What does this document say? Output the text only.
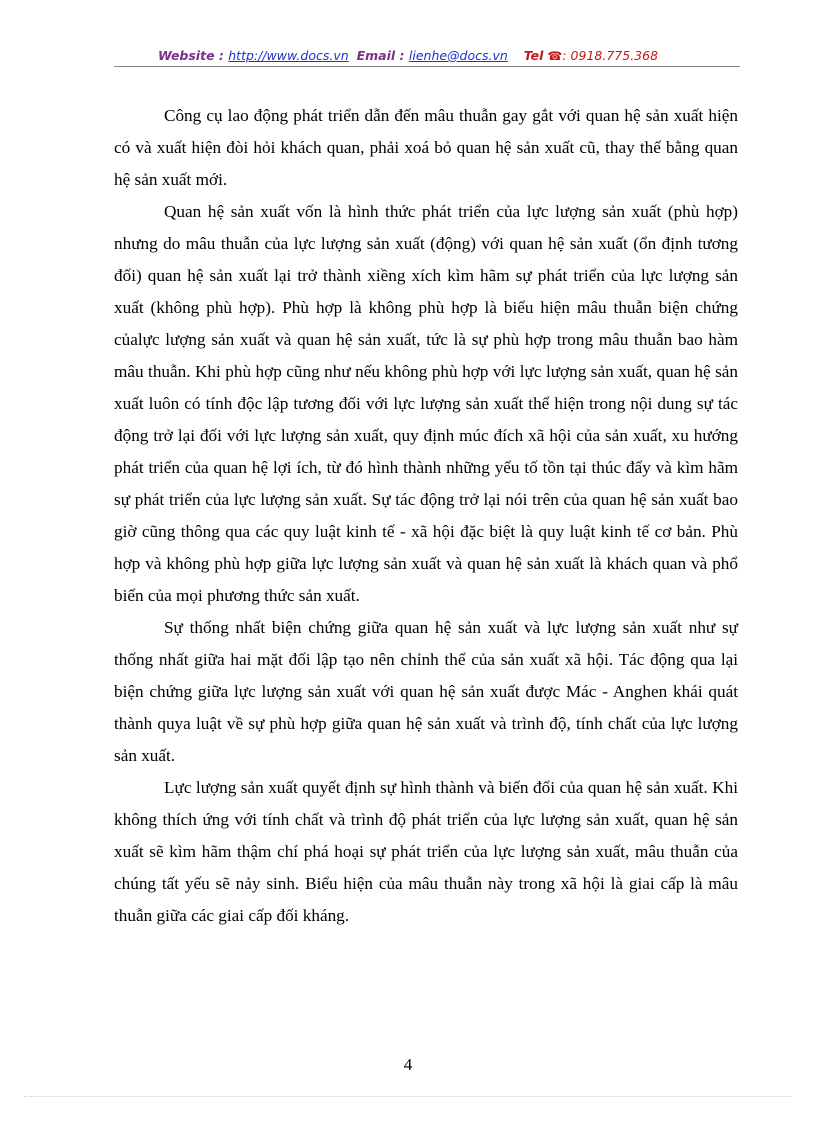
Website : http://www.docs.vn Email : lienhe@docs.vn Tel ☎: 0918.775.368

Công cụ lao động phát triển dẫn đến mâu thuẫn gay gắt với quan hệ sản xuất hiện có và xuất hiện đòi hỏi khách quan, phải xoá bỏ quan hệ sản xuất cũ, thay thế bằng quan hệ sản xuất mới.

Quan hệ sản xuất vốn là hình thức phát triển của lực lượng sản xuất (phù hợp) nhưng do mâu thuẫn của lực lượng sản xuất (động) với quan hệ sản xuất (ổn định tương đối) quan hệ sản xuất lại trở thành xiềng xích kìm hãm sự phát triển của lực lượng sản xuất (không phù hợp). Phù hợp là không phù hợp là biểu hiện mâu thuẫn biện chứng củalực lượng sản xuất và quan hệ sản xuất, tức là sự phù hợp trong mâu thuẫn bao hàm mâu thuẫn. Khi phù hợp cũng như nếu không phù hợp với lực lượng sản xuất, quan hệ sản xuất luôn có tính độc lập tương đối với lực lượng sản xuất thể hiện trong nội dung sự tác động trở lại đối với lực lượng sản xuất, quy định múc đích xã hội của sản xuất, xu hướng phát triển của quan hệ lợi ích, từ đó hình thành những yếu tố tồn tại thúc đẩy và kìm hãm sự phát triển của lực lượng sản xuất. Sự tác động trở lại nói trên của quan hệ sản xuất bao giờ cũng thông qua các quy luật kinh tế - xã hội đặc biệt là quy luật kinh tế cơ bản. Phù hợp và không phù hợp giữa lực lượng sản xuất và quan hệ sản xuất là khách quan và phổ biến của mọi phương thức sản xuất.

Sự thống nhất biện chứng giữa quan hệ sản xuất và lực lượng sản xuất như sự thống nhất giữa hai mặt đối lập tạo nên chỉnh thể của sản xuất xã hội. Tác động qua lại biện chứng giữa lực lượng sản xuất với quan hệ sản xuất được Mác - Anghen khái quát thành quya luật về sự phù hợp giữa quan hệ sản xuất và trình độ, tính chất của lực lượng sản xuất.

Lực lượng sản xuất quyết định sự hình thành và biến đổi của quan hệ sản xuất. Khi không thích ứng với tính chất và trình độ phát triển của lực lượng sản xuất, quan hệ sản xuất sẽ kìm hãm thậm chí phá hoại sự phát triển của lực lượng sản xuất, mâu thuẫn của chúng tất yếu sẽ nảy sinh. Biểu hiện của mâu thuẫn này trong xã hội là giai cấp là mâu thuẫn giữa các giai cấp đối kháng.

4
